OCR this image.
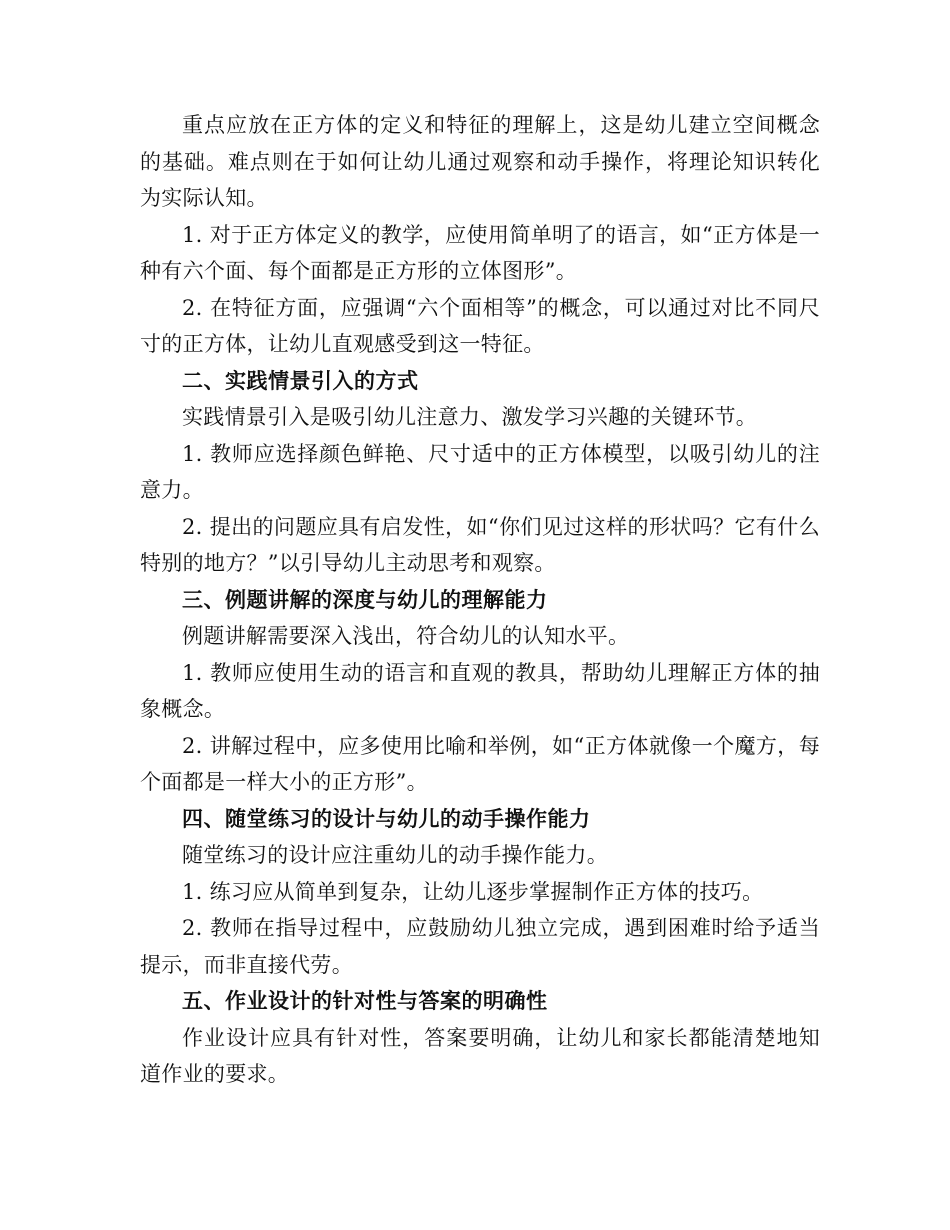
重点应放在正方体的定义和特征的理解上，这是幼儿建立空间概念的基础。难点则在于如何让幼儿通过观察和动手操作，将理论知识转化为实际认知。

1. 对于正方体定义的教学，应使用简单明了的语言，如“正方体是一种有六个面、每个面都是正方形的立体图形”。

2. 在特征方面，应强调“六个面相等”的概念，可以通过对比不同尺寸的正方体，让幼儿直观感受到这一特征。

二、实践情景引入的方式

实践情景引入是吸引幼儿注意力、激发学习兴趣的关键环节。

1. 教师应选择颜色鲜艳、尺寸适中的正方体模型，以吸引幼儿的注意力。

2. 提出的问题应具有启发性，如“你们见过这样的形状吗？它有什么特别的地方？”以引导幼儿主动思考和观察。

三、例题讲解的深度与幼儿的理解能力

例题讲解需要深入浅出，符合幼儿的认知水平。

1. 教师应使用生动的语言和直观的教具，帮助幼儿理解正方体的抽象概念。

2. 讲解过程中，应多使用比喻和举例，如“正方体就像一个魔方，每个面都是一样大小的正方形”。

四、随堂练习的设计与幼儿的动手操作能力

随堂练习的设计应注重幼儿的动手操作能力。

1. 练习应从简单到复杂，让幼儿逐步掌握制作正方体的技巧。

2. 教师在指导过程中，应鼓励幼儿独立完成，遇到困难时给予适当提示，而非直接代劳。

五、作业设计的针对性与答案的明确性

作业设计应具有针对性，答案要明确，让幼儿和家长都能清楚地知道作业的要求。
